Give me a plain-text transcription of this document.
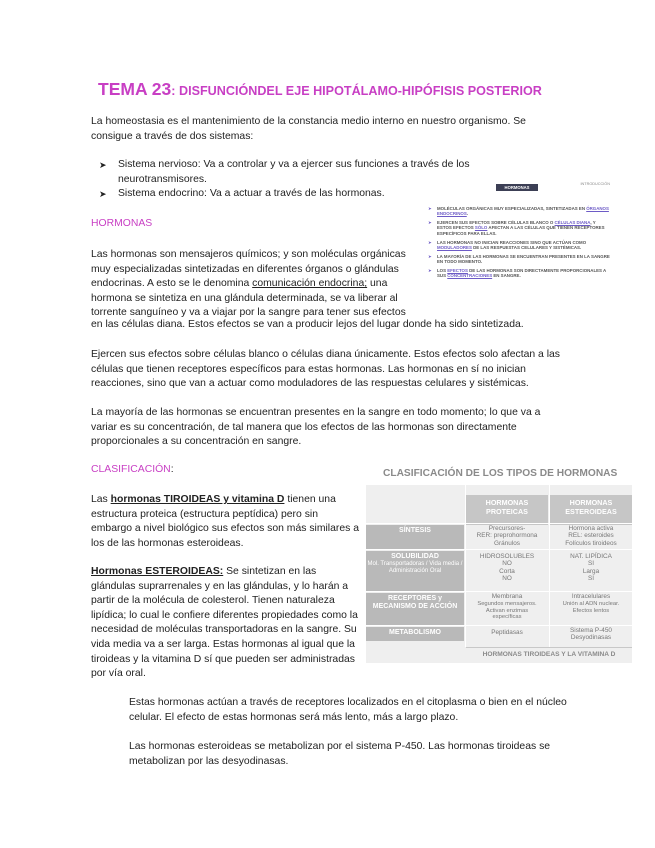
TEMA 23: DISFUNCIÓNDEL EJE HIPOTÁLAMO-HIPÓFISIS POSTERIOR
La homeostasia es el mantenimiento de la constancia medio interno en nuestro organismo. Se consigue a través de dos sistemas:
➤ Sistema nervioso: Va a controlar y va a ejercer sus funciones a través de los neurotransmisores.
➤ Sistema endocrino: Va a actuar a través de las hormonas.
HORMONAS
Las hormonas son mensajeros químicos; y son moléculas orgánicas muy especializadas sintetizadas en diferentes órganos o glándulas endocrinas. A esto se le denomina comunicación endocrina; una hormona se sintetiza en una glándula determinada, se va liberar al torrente sanguíneo y va a viajar por la sangre para tener sus efectos
en las células diana. Estos efectos se van a producir lejos del lugar donde ha sido sintetizada.
Ejercen sus efectos sobre células blanco o células diana únicamente. Estos efectos solo afectan a las células que tienen receptores específicos para estas hormonas. Las hormonas en sí no inician reacciones, sino que van a actuar como moduladores de las respuestas celulares y sistémicas.
La mayoría de las hormonas se encuentran presentes en la sangre en todo momento; lo que va a variar es su concentración, de tal manera que los efectos de las hormonas son directamente proporcionales a su concentración en sangre.
HORMONAS
INTRODUCCIÓN
➤ MOLÉCULAS ORGÁNICAS MUY ESPECIALIZADAS, SINTETIZADAS EN ÓRGANOS ENDOCRINOS.
➤ EJERCEN SUS EFECTOS SOBRE CÉLULAS BLANCO O CÉLULAS DIANA, Y ESTOS EFECTOS SÓLO AFECTAN A LAS CÉLULAS QUE TIENEN RECEPTORES ESPECÍFICOS PARA ELLAS.
➤ LAS HORMONAS NO INICIAN REACCIONES SINO QUE ACTÚAN COMO MODULADORES DE LAS RESPUESTAS CELULARES Y SISTÉMICAS.
➤ LA MAYORÍA DE LAS HORMONAS SE ENCUENTRAN PRESENTES EN LA SANGRE EN TODO MOMENTO.
➤ LOS EFECTOS DE LAS HORMONAS SON DIRECTAMENTE PROPORCIONALES A SUS CONCENTRACIONES EN SANGRE.
CLASIFICACIÓN:
Las hormonas TIROIDEAS y vitamina D tienen una estructura proteica (estructura peptídica) pero sin embargo a nivel biológico sus efectos son más similares a los de las hormonas esteroideas.
Hormonas ESTEROIDEAS: Se sintetizan en las glándulas suprarrenales y en las glándulas, y lo harán a partir de la molécula de colesterol. Tienen naturaleza lipídica; lo cual le confiere diferentes propiedades como la necesidad de moléculas transportadoras en la sangre. Su vida media va a ser larga. Estas hormonas al igual que la tiroideas y la vitamina D sí que pueden ser administradas por vía oral.
Estas hormonas actúan a través de receptores localizados en el citoplasma o bien en el núcleo celular. El efecto de estas hormonas será más lento, más a largo plazo.
Las hormonas esteroideas se metabolizan por el sistema P-450. Las hormonas tiroideas se metabolizan por las desyodinasas.
CLASIFICACIÓN DE LOS TIPOS DE HORMONAS
HORMONAS PROTEICAS
HORMONAS ESTEROIDEAS
SÍNTESIS
SOLUBILIDAD
Mol. Transportadoras / Vida media / Administración Oral
RECEPTORES y MECANISMO DE ACCIÓN
METABOLISMO
Precursores-
RER: preprohormona
Gránulos
Hormona activa
REL: esteroides
Folículos tiroideos
HIDROSOLUBLES
NO
Corta
NO
NAT. LIPÍDICA
SI
Larga
SI
Membrana
Segundos mensajeros.
Activan enzimas
específicas
Intracelulares
Unión al ADN nuclear.
Efectos lentos
Peptidasas	Sistema P-450
Desyodinasas
HORMONAS TIROIDEAS Y LA VITAMINA D
